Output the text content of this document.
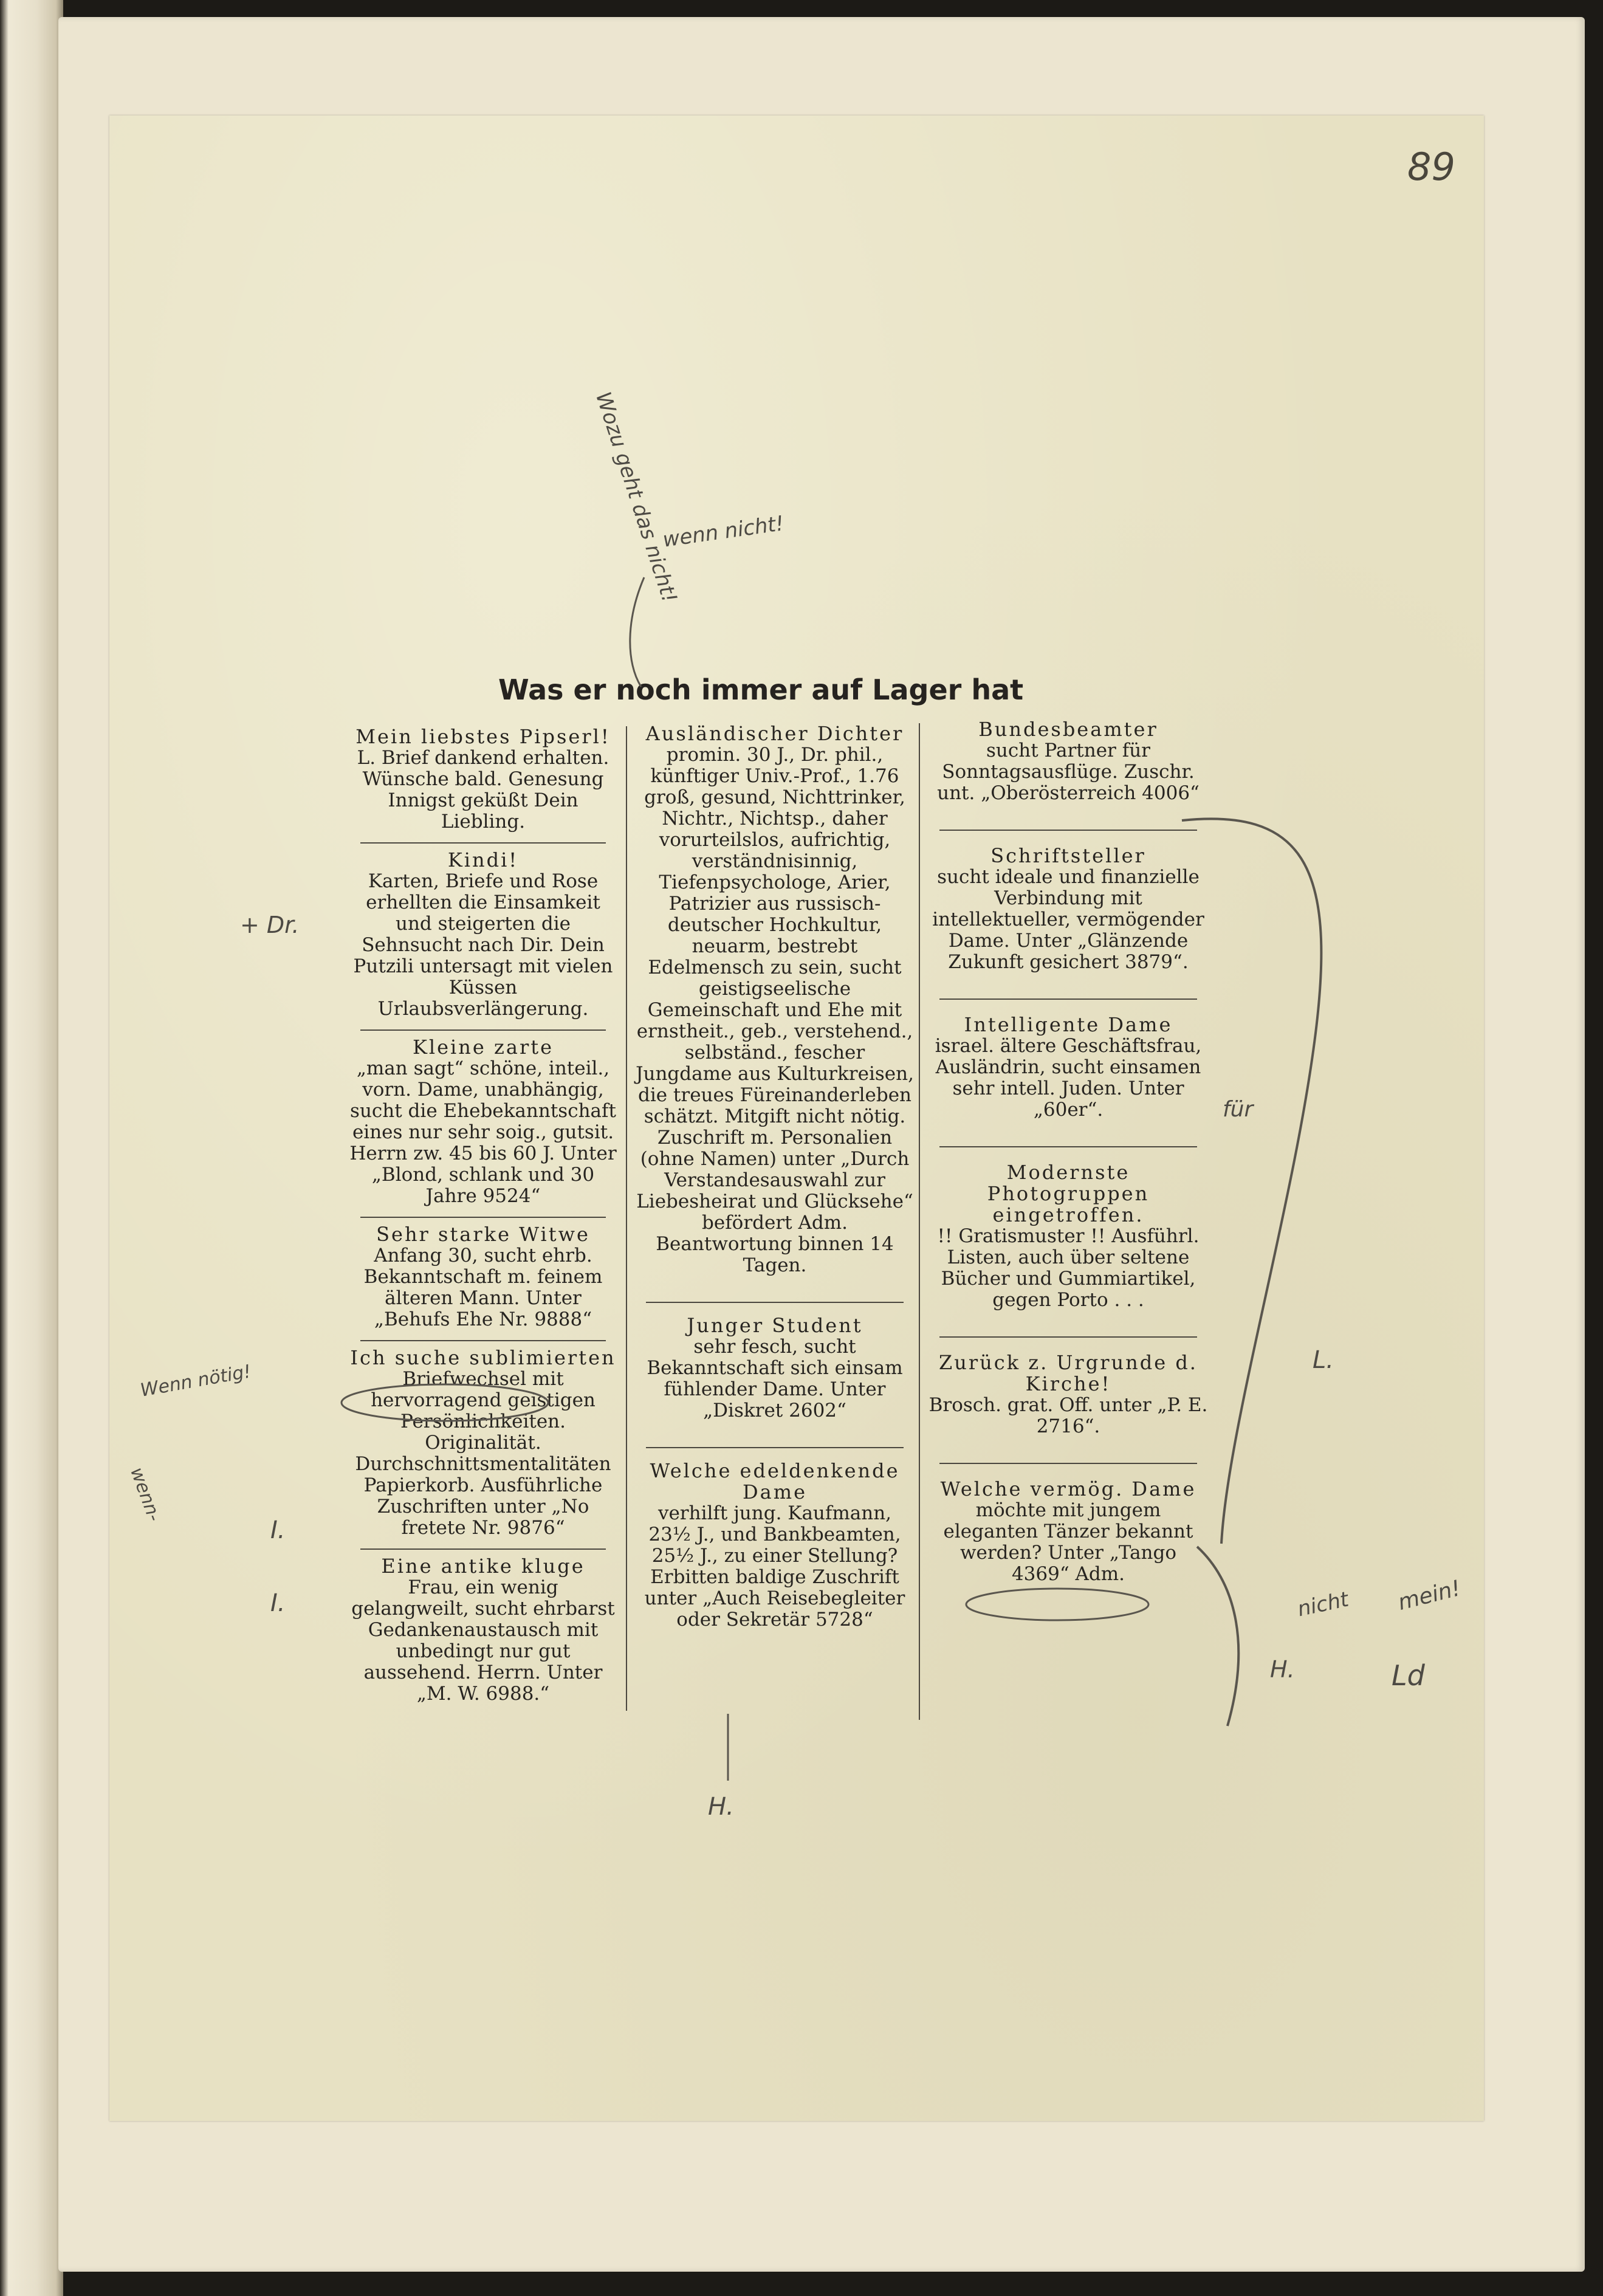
89
Was er noch immer auf Lager hat
Mein liebstes Pipserl!
L. Brief dankend erhalten. Wünsche bald. Genesung Innigst geküßt Dein Liebling.
Kindi!
Karten, Briefe und Rose erhellten die Einsamkeit und steigerten die Sehnsucht nach Dir. Dein Putzili untersagt mit vielen Küssen Urlaubsverlängerung.
Kleine zarte
„man sagt“ schöne, inteil., vorn. Dame, unabhängig, sucht die Ehebekanntschaft eines nur sehr soig., gutsit. Herrn zw. 45 bis 60 J. Unter „Blond, schlank und 30 Jahre 9524“
Sehr starke Witwe
Anfang 30, sucht ehrb. Bekanntschaft m. feinem älteren Mann. Unter „Behufs Ehe Nr. 9888“
Ich suche sublimierten
Briefwechsel mit hervorragend geistigen Persönlichkeiten. Originalität. Durchschnittsmentalitäten Papierkorb. Ausführliche Zuschriften unter „No fretete Nr. 9876“
Eine antike kluge
Frau, ein wenig gelangweilt, sucht ehrbarst Gedankenaustausch mit unbedingt nur gut aussehend. Herrn. Unter „M. W. 6988.“
Ausländischer Dichter
promin. 30 J., Dr. phil., künftiger Univ.-Prof., 1.76 groß, gesund, Nichttrinker, Nichtr., Nichtsp., daher vorurteilslos, aufrichtig, verständnisinnig, Tiefenpsychologe, Arier, Patrizier aus russisch-deutscher Hochkultur, neuarm, bestrebt Edelmensch zu sein, sucht geistigseelische Gemeinschaft und Ehe mit ernstheit., geb., verstehend., selbständ., fescher Jungdame aus Kulturkreisen, die treues Füreinanderleben schätzt. Mitgift nicht nötig. Zuschrift m. Personalien (ohne Namen) unter „Durch Verstandesauswahl zur Liebesheirat und Glücksehe“ befördert Adm. Beantwortung binnen 14 Tagen.
Junger Student
sehr fesch, sucht Bekanntschaft sich einsam fühlender Dame. Unter „Diskret 2602“
Welche edeldenkende Dame
verhilft jung. Kaufmann, 23½ J., und Bankbeamten, 25½ J., zu einer Stellung? Erbitten baldige Zuschrift unter „Auch Reisebegleiter oder Sekretär 5728“
Bundesbeamter
sucht Partner für Sonntagsausflüge. Zuschr. unt. „Oberösterreich 4006“
Schriftsteller
sucht ideale und finanzielle Verbindung mit intellektueller, vermögender Dame. Unter „Glänzende Zukunft gesichert 3879“.
Intelligente Dame
israel. ältere Geschäftsfrau, Ausländrin, sucht einsamen sehr intell. Juden. Unter „60er“.
Modernste Photogruppen eingetroffen.
!! Gratismuster !! Ausführl. Listen, auch über seltene Bücher und Gummiartikel, gegen Porto . . .
Zurück z. Urgrunde d. Kirche!
Brosch. grat. Off. unter „P. E. 2716“.
Welche vermög. Dame
möchte mit jungem eleganten Tänzer bekannt werden? Unter „Tango 4369“ Adm.
Wozu geht das nicht!
wenn nicht!
+ Dr.
Wenn nötig!
wenn-
I.
I.
für
L.
nicht mein!
H.	Ld
H.
